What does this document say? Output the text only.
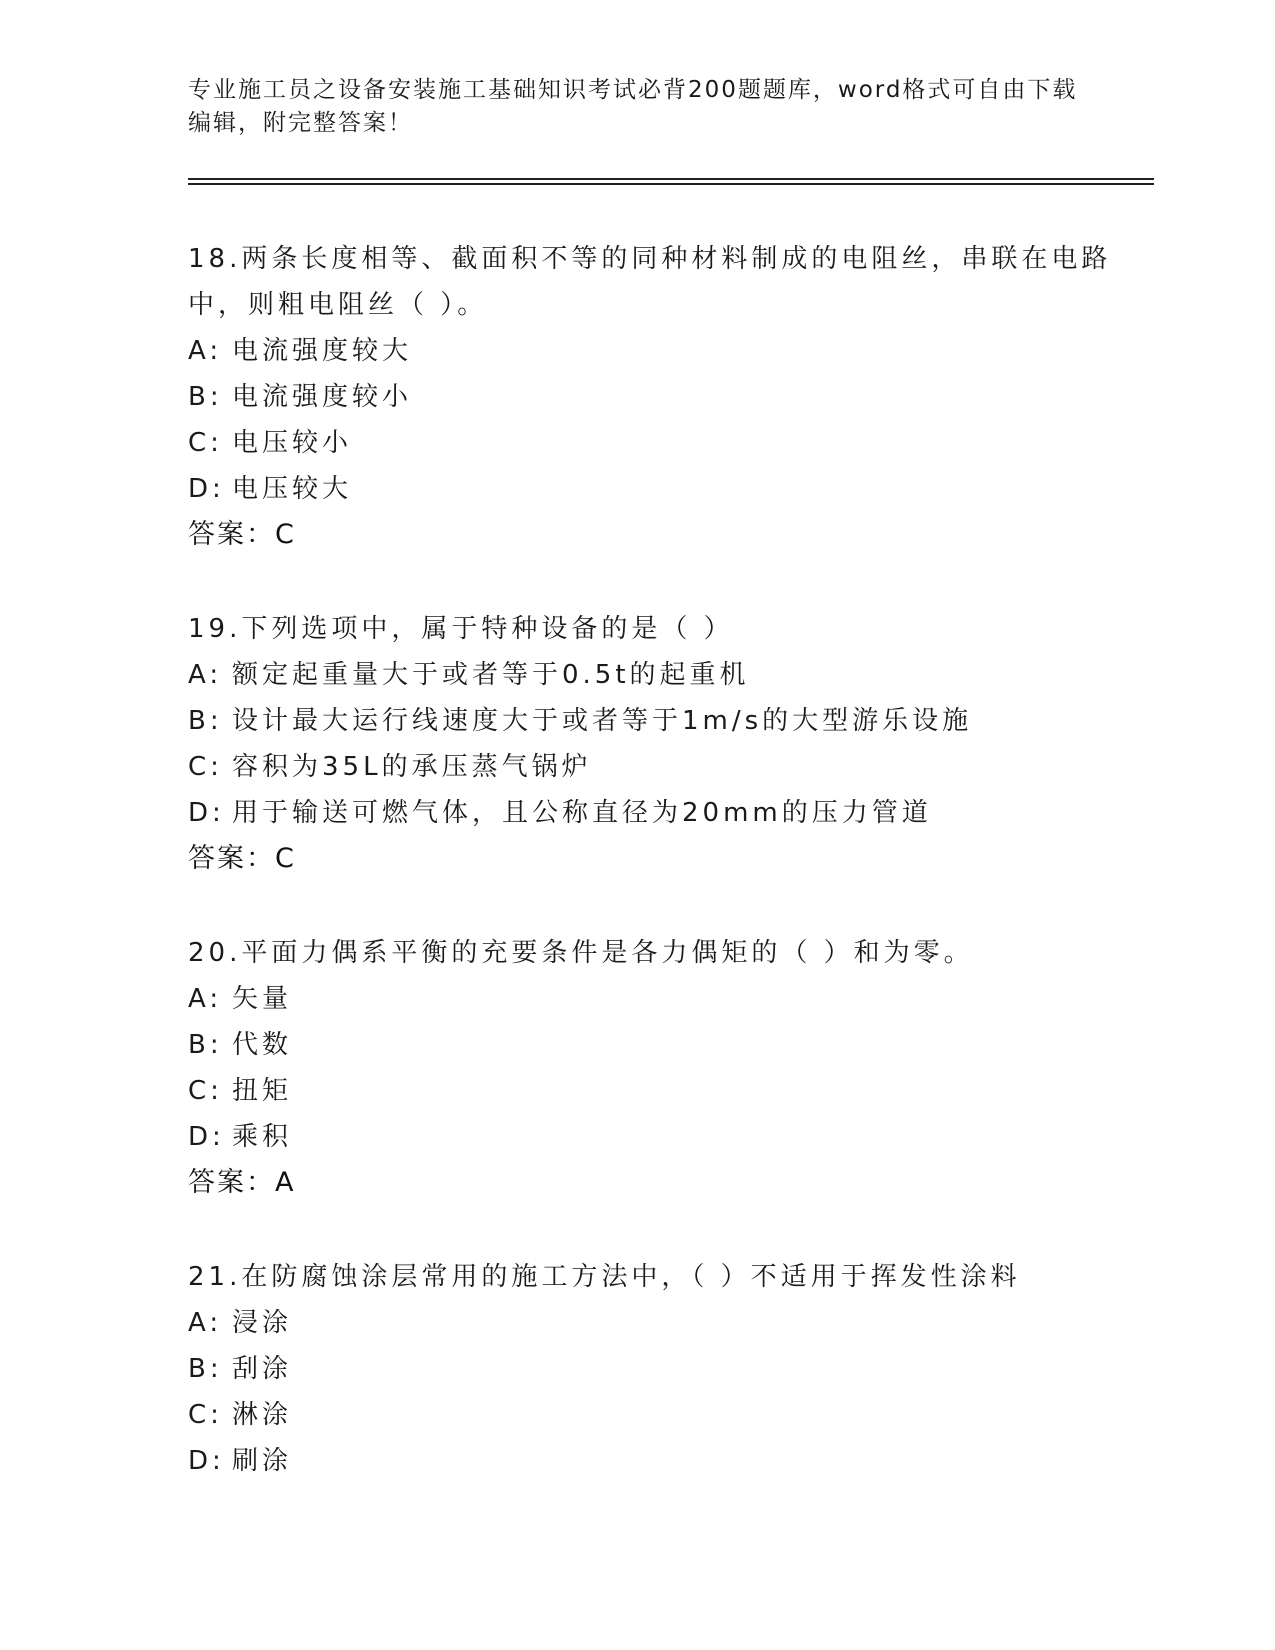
专业施工员之设备安装施工基础知识考试必背200题题库，word格式可自由下载
编辑，附完整答案！
18.两条长度相等、截面积不等的同种材料制成的电阻丝，串联在电路
中，则粗电阻丝（ ）。
A: 电流强度较大
B: 电流强度较小
C: 电压较小
D: 电压较大
答案：C
19.下列选项中，属于特种设备的是（ ）
A: 额定起重量大于或者等于0.5t的起重机
B: 设计最大运行线速度大于或者等于1m/s的大型游乐设施
C: 容积为35L的承压蒸气锅炉
D: 用于输送可燃气体，且公称直径为20mm的压力管道
答案：C
20.平面力偶系平衡的充要条件是各力偶矩的（ ）和为零。
A: 矢量
B: 代数
C: 扭矩
D: 乘积
答案：A
21.在防腐蚀涂层常用的施工方法中，（ ）不适用于挥发性涂料
A: 浸涂
B: 刮涂
C: 淋涂
D: 刷涂
